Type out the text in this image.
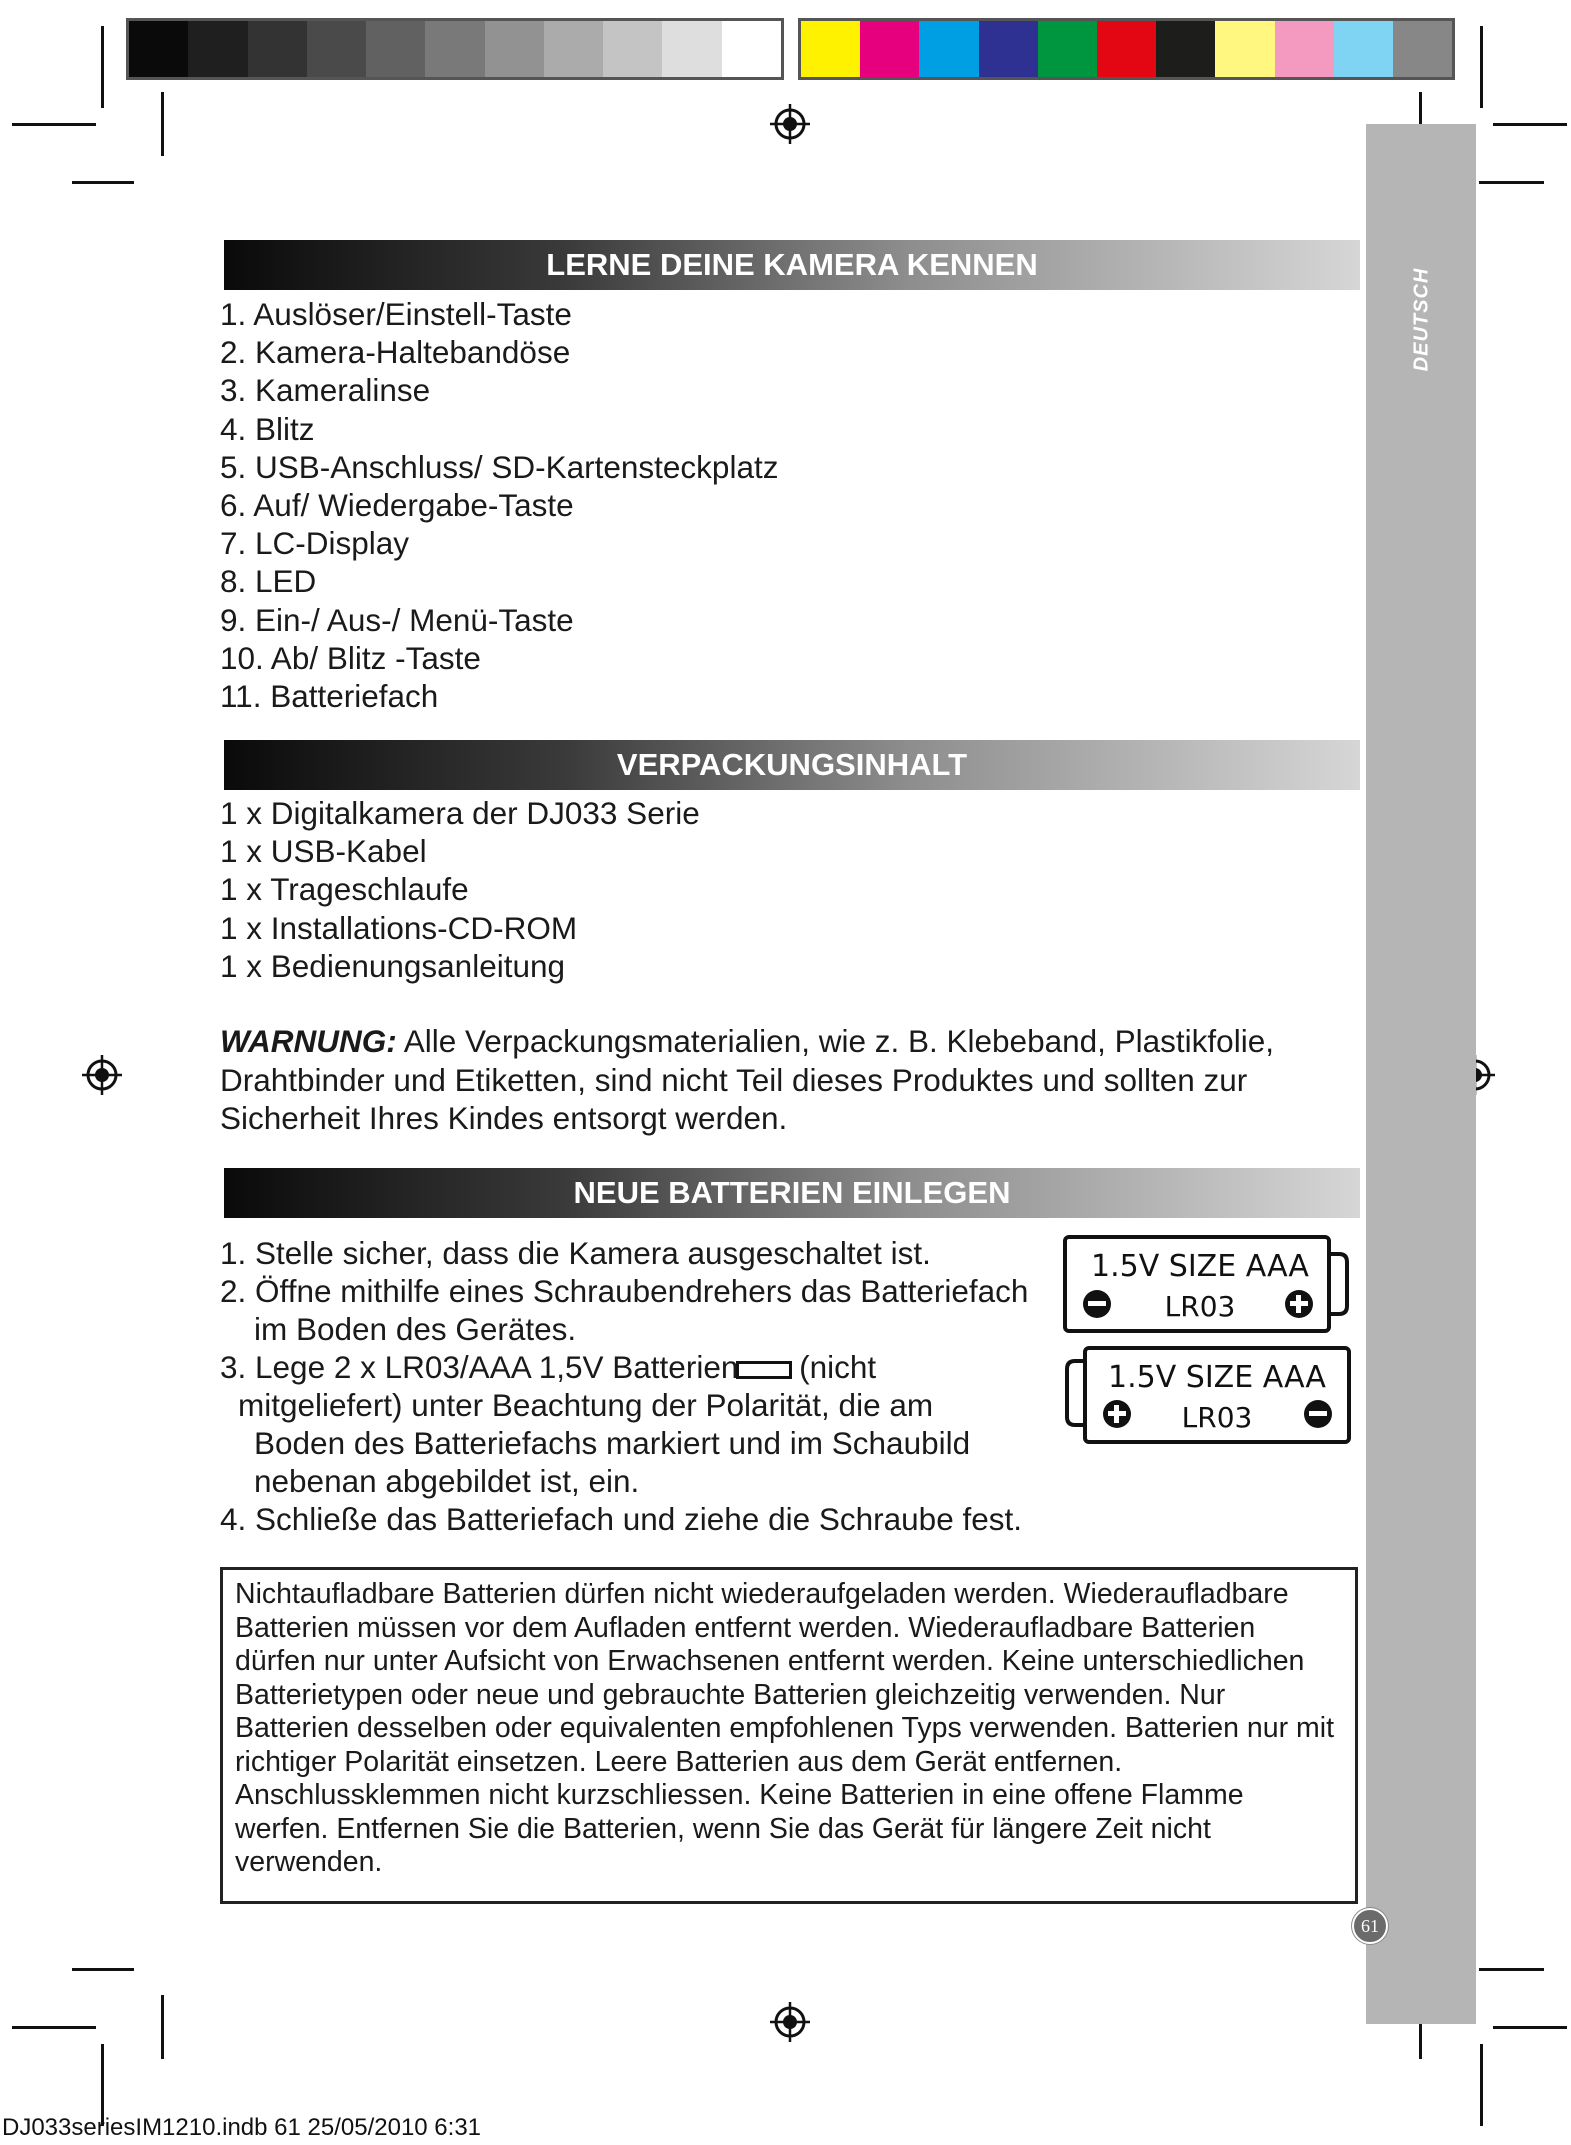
DEUTSCH
LERNE DEINE KAMERA KENNEN
1. Auslöser/Einstell-Taste
2. Kamera-Haltebandöse
3. Kameralinse
4. Blitz
5. USB-Anschluss/ SD-Kartensteckplatz
6. Auf/ Wiedergabe-Taste
7. LC-Display
8. LED
9. Ein-/ Aus-/ Menü-Taste
10. Ab/ Blitz -Taste
11. Batteriefach
VERPACKUNGSINHALT
1 x Digitalkamera der DJ033 Serie
1 x USB-Kabel
1 x Trageschlaufe
1 x Installations-CD-ROM
1 x Bedienungsanleitung
WARNUNG: Alle Verpackungsmaterialien, wie z. B. Klebeband, Plastikfolie, Drahtbinder und Etiketten, sind nicht Teil dieses Produktes und sollten zur Sicherheit Ihres Kindes entsorgt werden.
NEUE BATTERIEN EINLEGEN
1. Stelle sicher, dass die Kamera ausgeschaltet ist.
2. Öffne mithilfe eines Schraubendrehers das Batteriefach
im Boden des Gerätes.
3. Lege 2 x LR03/AAA 1,5V Batterien (nicht
mitgeliefert) unter Beachtung der Polarität, die am
Boden des Batteriefachs markiert und im Schaubild
nebenan abgebildet ist, ein.
4. Schließe das Batteriefach und ziehe die Schraube fest.
1.5V SIZE AAA
LR03
1.5V SIZE AAA
LR03
Nichtaufladbare Batterien dürfen nicht wiederaufgeladen werden. Wiederaufladbare Batterien müssen vor dem Aufladen entfernt werden. Wiederaufladbare Batterien dürfen nur unter Aufsicht von Erwachsenen entfernt werden. Keine unterschiedlichen Batterietypen oder neue und gebrauchte Batterien gleichzeitig verwenden. Nur Batterien desselben oder equivalenten empfohlenen Typs verwenden. Batterien nur mit richtiger Polarität einsetzen. Leere Batterien aus dem Gerät entfernen. Anschlussklemmen nicht kurzschliessen. Keine Batterien in eine offene Flamme werfen. Entfernen Sie die Batterien, wenn Sie das Gerät für längere Zeit nicht verwenden.
61
DJ033seriesIM1210.indb 61 25/05/2010 6:31
